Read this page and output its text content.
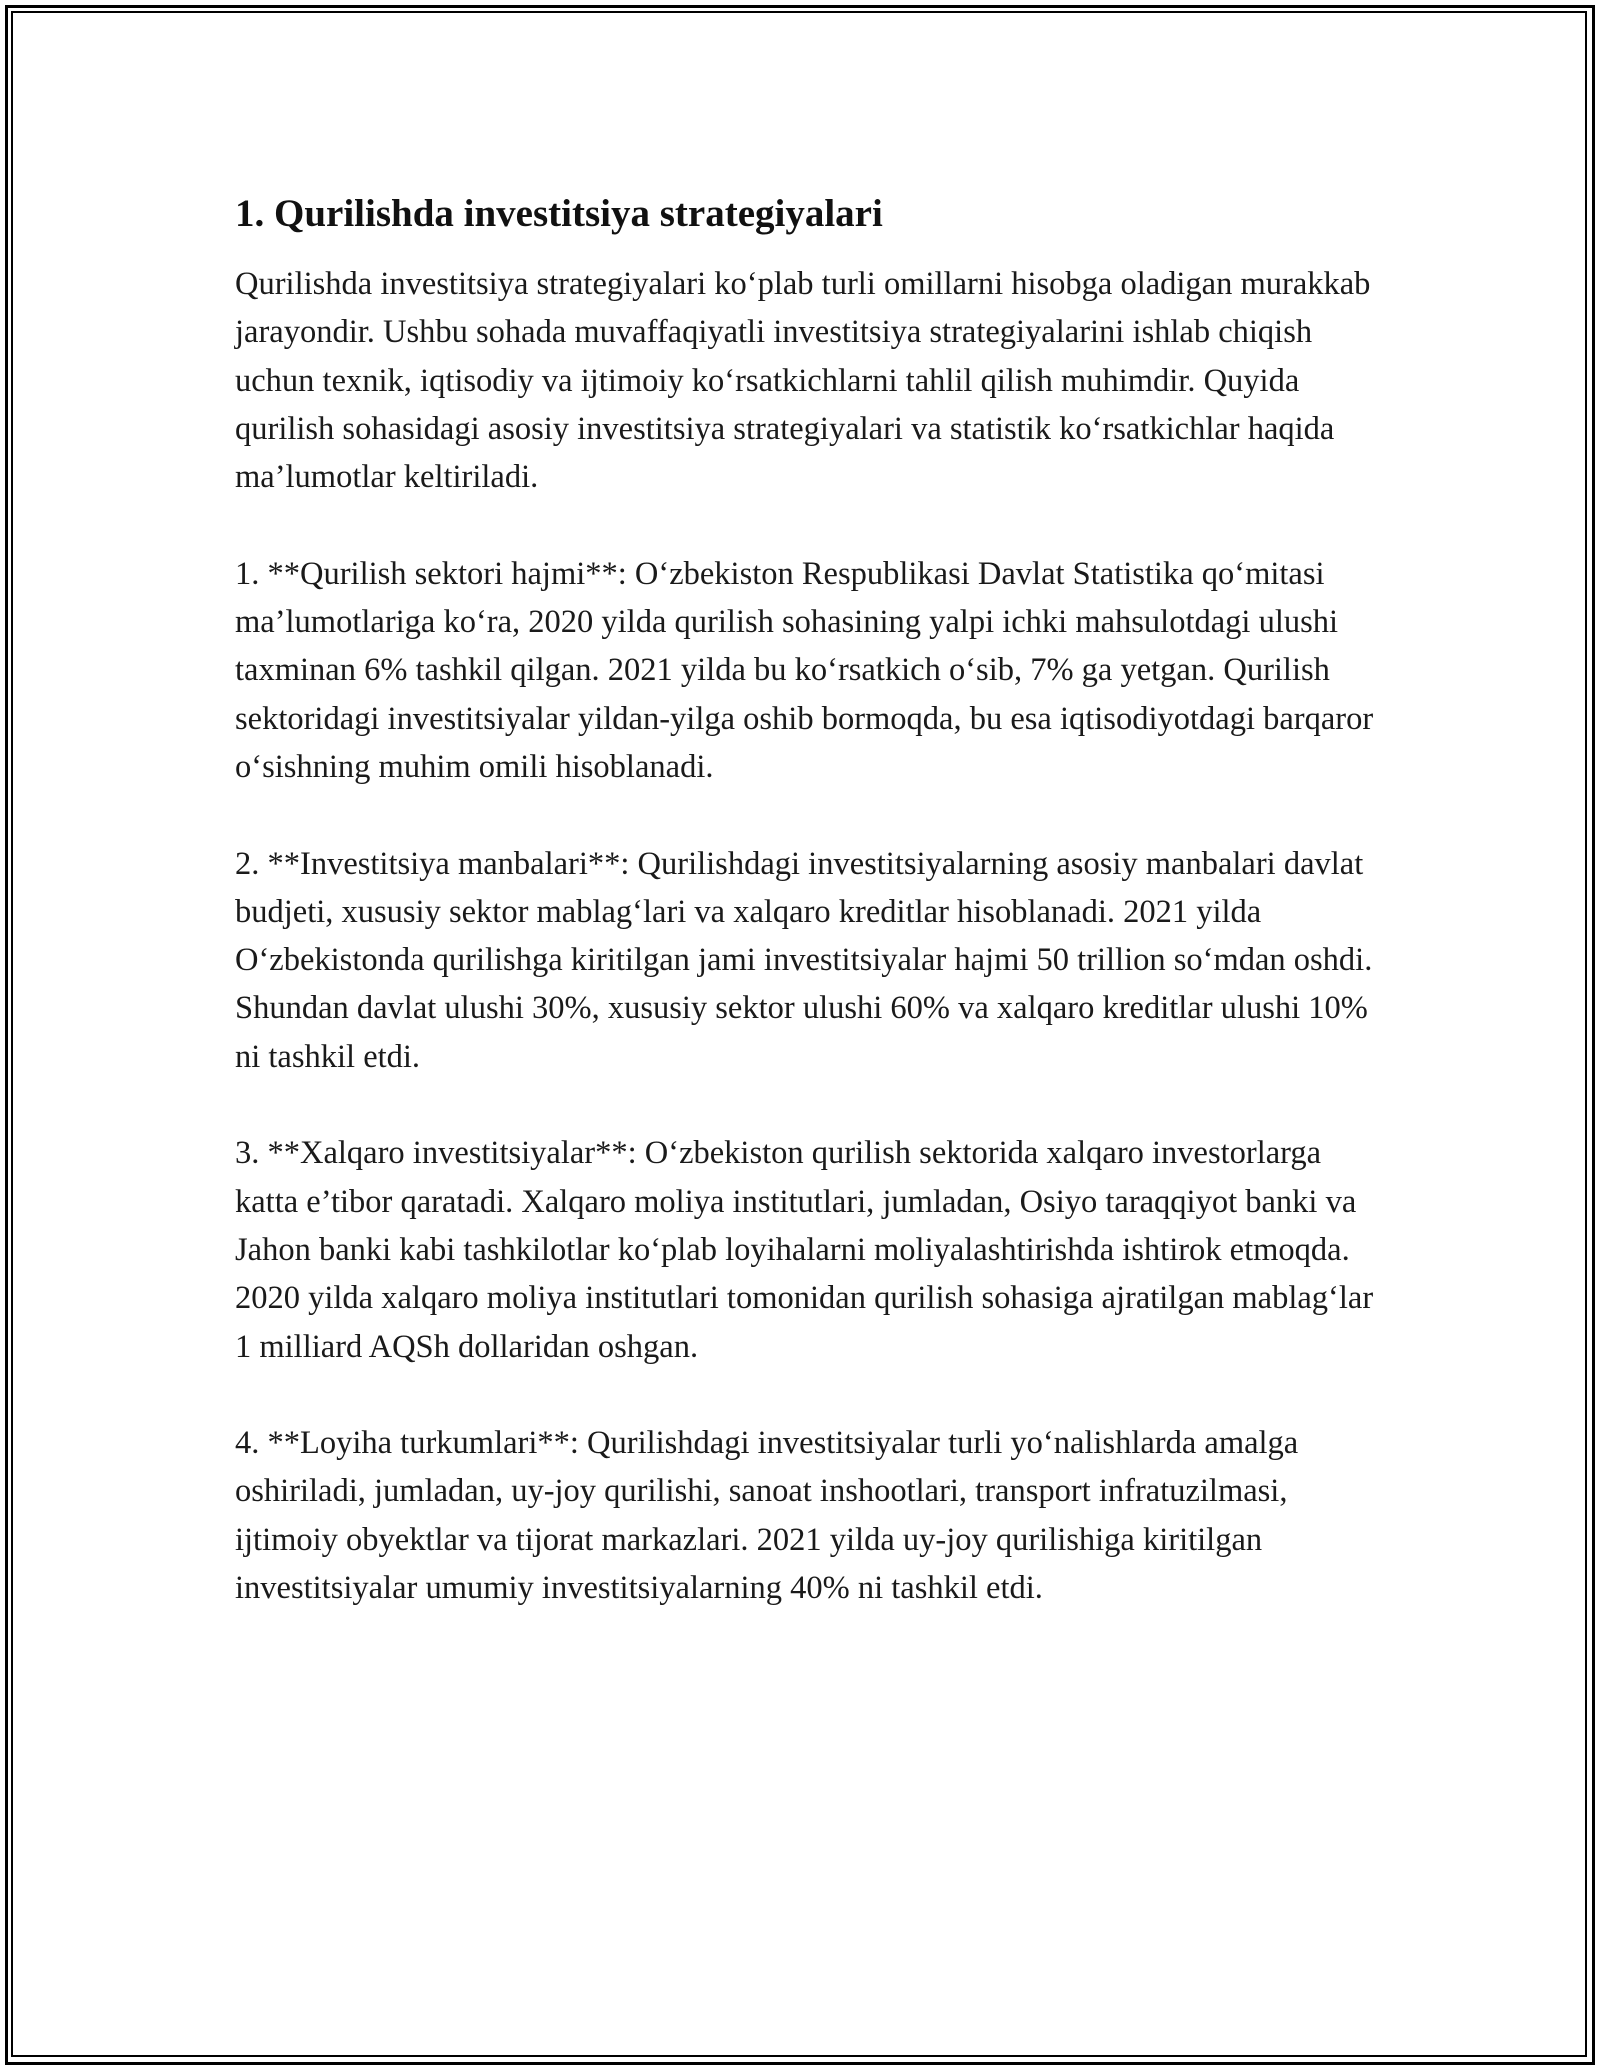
1. Qurilishda investitsiya strategiyalari

Qurilishda investitsiya strategiyalari ko‘plab turli omillarni hisobga oladigan murakkab jarayondir. Ushbu sohada muvaffaqiyatli investitsiya strategiyalarini ishlab chiqish uchun texnik, iqtisodiy va ijtimoiy ko‘rsatkichlarni tahlil qilish muhimdir. Quyida qurilish sohasidagi asosiy investitsiya strategiyalari va statistik ko‘rsatkichlar haqida ma’lumotlar keltiriladi.

1. **Qurilish sektori hajmi**: O‘zbekiston Respublikasi Davlat Statistika qo‘mitasi ma’lumotlariga ko‘ra, 2020 yilda qurilish sohasining yalpi ichki mahsulotdagi ulushi taxminan 6% tashkil qilgan. 2021 yilda bu ko‘rsatkich o‘sib, 7% ga yetgan. Qurilish sektoridagi investitsiyalar yildan-yilga oshib bormoqda, bu esa iqtisodiyotdagi barqaror o‘sishning muhim omili hisoblanadi.

2. **Investitsiya manbalari**: Qurilishdagi investitsiyalarning asosiy manbalari davlat budjeti, xususiy sektor mablag‘lari va xalqaro kreditlar hisoblanadi. 2021 yilda O‘zbekistonda qurilishga kiritilgan jami investitsiyalar hajmi 50 trillion so‘mdan oshdi. Shundan davlat ulushi 30%, xususiy sektor ulushi 60% va xalqaro kreditlar ulushi 10% ni tashkil etdi.

3. **Xalqaro investitsiyalar**: O‘zbekiston qurilish sektorida xalqaro investorlarga katta e’tibor qaratadi. Xalqaro moliya institutlari, jumladan, Osiyo taraqqiyot banki va Jahon banki kabi tashkilotlar ko‘plab loyihalarni moliyalashtirishda ishtirok etmoqda. 2020 yilda xalqaro moliya institutlari tomonidan qurilish sohasiga ajratilgan mablag‘lar 1 milliard AQSh dollaridan oshgan.

4. **Loyiha turkumlari**: Qurilishdagi investitsiyalar turli yo‘nalishlarda amalga oshiriladi, jumladan, uy-joy qurilishi, sanoat inshootlari, transport infratuzilmasi, ijtimoiy obyektlar va tijorat markazlari. 2021 yilda uy-joy qurilishiga kiritilgan investitsiyalar umumiy investitsiyalarning 40% ni tashkil etdi.
